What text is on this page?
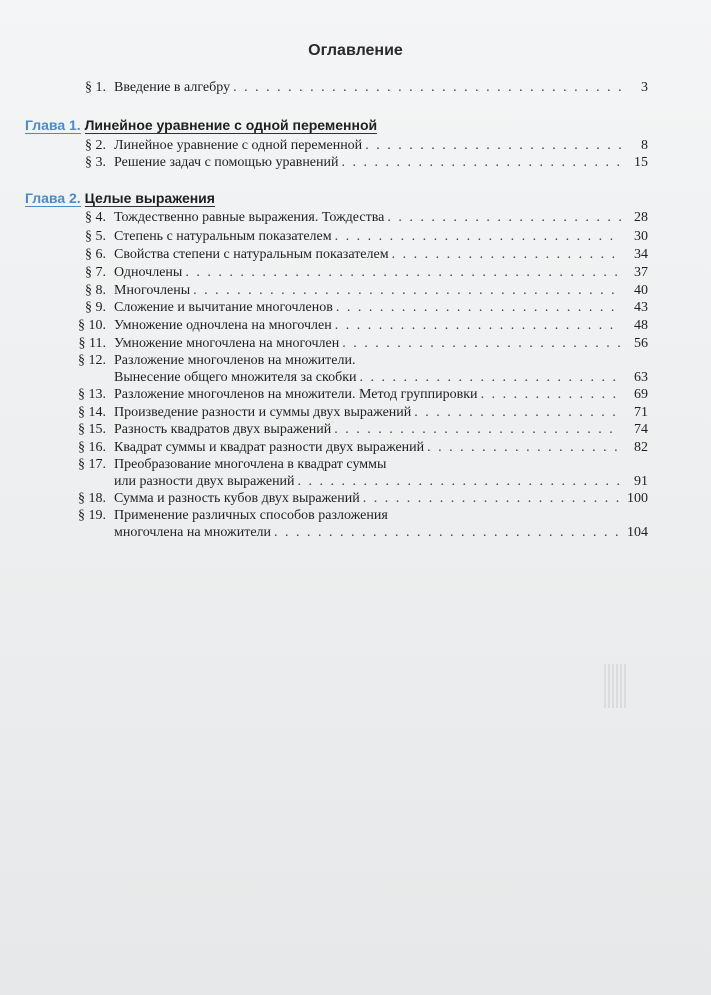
Оглавление
§ 1. Введение в алгебру . . .	3
Глава 1. Линейное уравнение с одной переменной
§ 2. Линейное уравнение с одной переменной . . .	8
§ 3. Решение задач с помощью уравнений . . .	15
Глава 2. Целые выражения
§ 4. Тождественно равные выражения. Тождества . . .	28
§ 5. Степень с натуральным показателем . . .	30
§ 6. Свойства степени с натуральным показателем . . .	34
§ 7. Одночлены . . .	37
§ 8. Многочлены . . .	40
§ 9. Сложение и вычитание многочленов . . .	43
§ 10. Умножение одночлена на многочлен . . .	48
§ 11. Умножение многочлена на многочлен . . .	56
§ 12. Разложение многочленов на множители.
Вынесение общего множителя за скобки . . .	63
§ 13. Разложение многочленов на множители. Метод группировки . . .	69
§ 14. Произведение разности и суммы двух выражений . . .	71
§ 15. Разность квадратов двух выражений . . .	74
§ 16. Квадрат суммы и квадрат разности двух выражений . . .	82
§ 17. Преобразование многочлена в квадрат суммы
или разности двух выражений . . .	91
§ 18. Сумма и разность кубов двух выражений . . .	100
§ 19. Применение различных способов разложения
многочлена на множители . . .	104
